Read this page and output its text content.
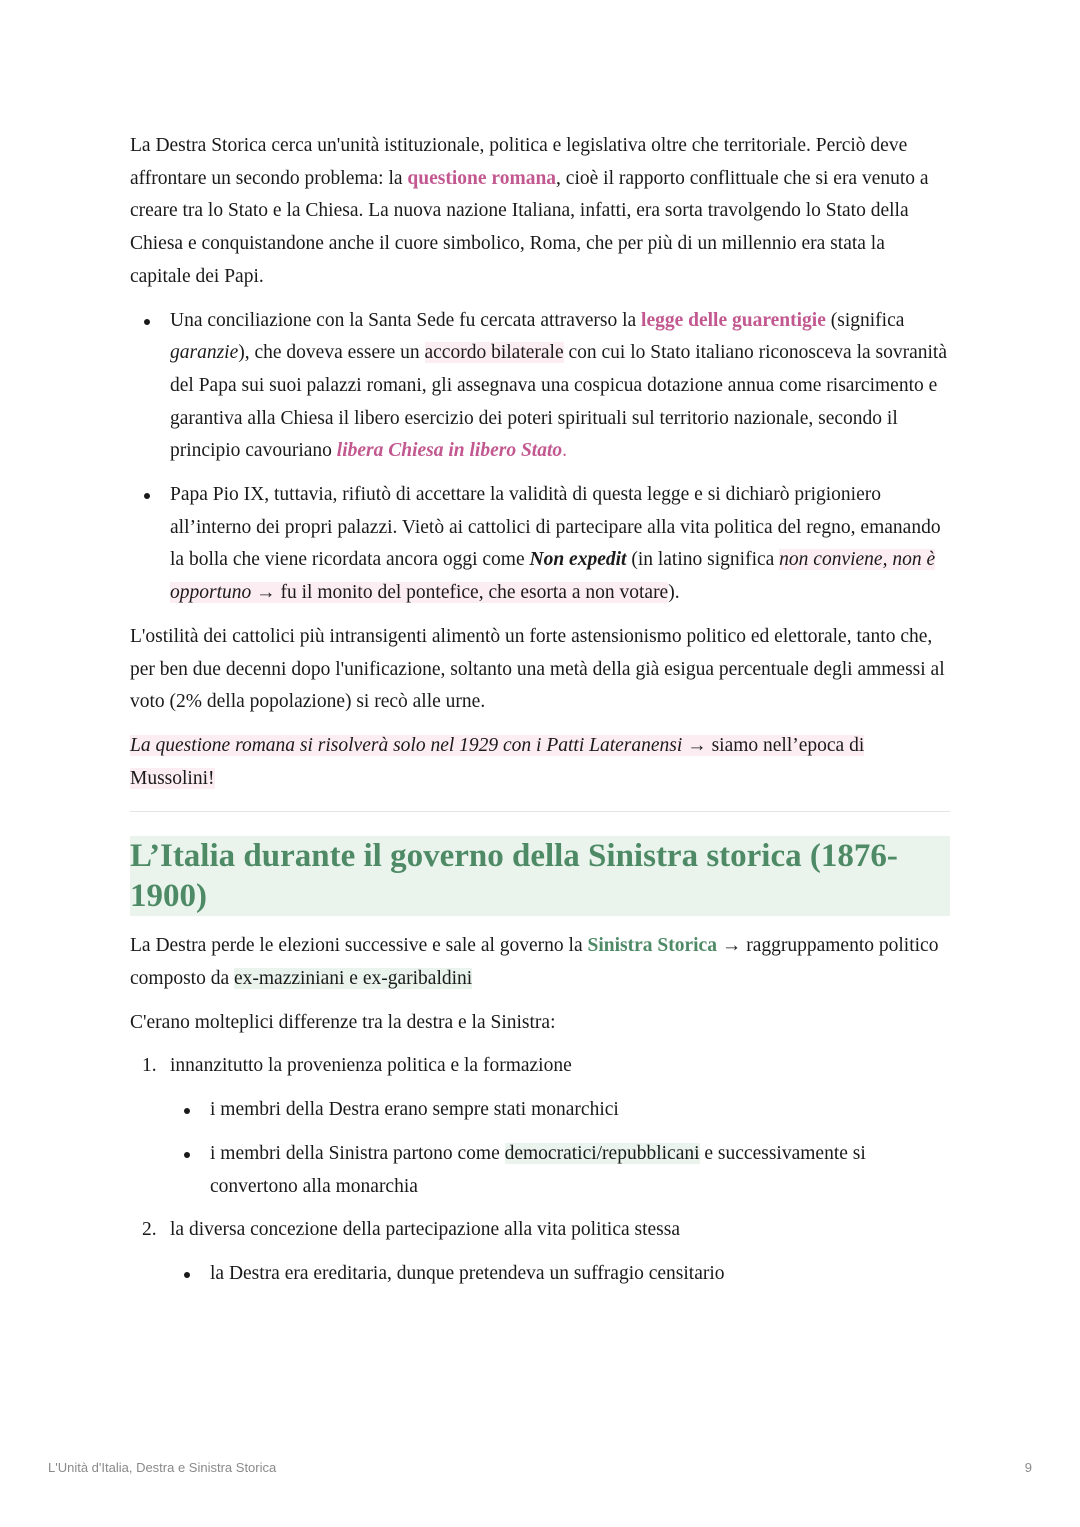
La Destra Storica cerca un'unità istituzionale, politica e legislativa oltre che territoriale. Perciò deve affrontare un secondo problema: la questione romana, cioè il rapporto conflittuale che si era venuto a creare tra lo Stato e la Chiesa. La nuova nazione Italiana, infatti, era sorta travolgendo lo Stato della Chiesa e conquistandone anche il cuore simbolico, Roma, che per più di un millennio era stata la capitale dei Papi.

Una conciliazione con la Santa Sede fu cercata attraverso la legge delle guarentigie (significa garanzie), che doveva essere un accordo bilaterale con cui lo Stato italiano riconosceva la sovranità del Papa sui suoi palazzi romani, gli assegnava una cospicua dotazione annua come risarcimento e garantiva alla Chiesa il libero esercizio dei poteri spirituali sul territorio nazionale, secondo il principio cavouriano libera Chiesa in libero Stato.
Papa Pio IX, tuttavia, rifiutò di accettare la validità di questa legge e si dichiarò prigioniero all’interno dei propri palazzi. Vietò ai cattolici di partecipare alla vita politica del regno, emanando la bolla che viene ricordata ancora oggi come Non expedit (in latino significa non conviene, non è opportuno → fu il monito del pontefice, che esorta a non votare).

L'ostilità dei cattolici più intransigenti alimentò un forte astensionismo politico ed elettorale, tanto che, per ben due decenni dopo l'unificazione, soltanto una metà della già esigua percentuale degli ammessi al voto (2% della popolazione) si recò alle urne.

La questione romana si risolverà solo nel 1929 con i Patti Lateranensi → siamo nell’epoca di Mussolini!

L’Italia durante il governo della Sinistra storica (1876-1900)

La Destra perde le elezioni successive e sale al governo la Sinistra Storica → raggruppamento politico composto da ex-mazziniani e ex-garibaldini

C'erano molteplici differenze tra la destra e la Sinistra:

1. innanzitutto la provenienza politica e la formazione
i membri della Destra erano sempre stati monarchici
i membri della Sinistra partono come democratici/repubblicani e successivamente si convertono alla monarchia
2. la diversa concezione della partecipazione alla vita politica stessa
la Destra era ereditaria, dunque pretendeva un suffragio censitario
L'Unità d'Italia, Destra e Sinistra Storica	9
